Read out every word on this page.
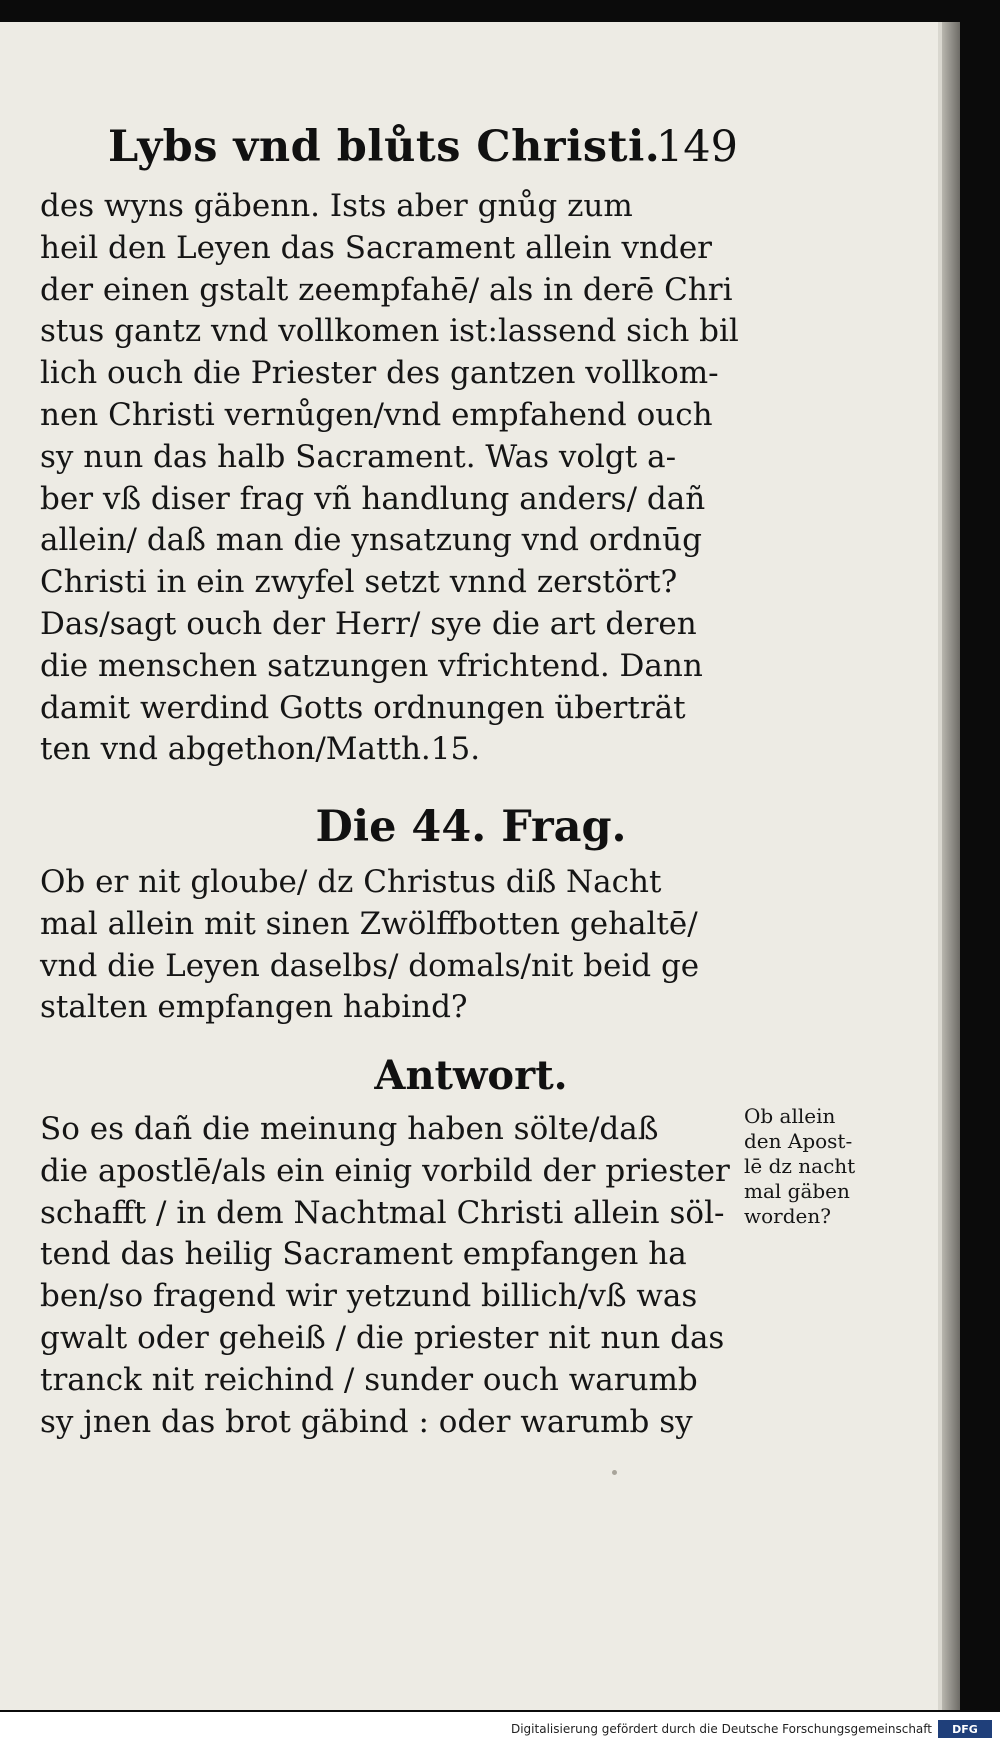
Lybs vnd blůts Christi.
149
des wyns gäbenn. Ists aber gnůg zum
heil den Leyen das Sacrament allein vnder
der einen gstalt zeempfahē/ als in derē Chri
stus gantz vnd vollkomen ist:lassend sich bil
lich ouch die Priester des gantzen vollkom-
nen Christi vernůgen/vnd empfahend ouch
sy nun das halb Sacrament. Was volgt a-
ber vß diser frag vñ handlung anders/ dañ
allein/ daß man die ynsatzung vnd ordnūg
Christi in ein zwyfel setzt vnnd zerstört?
Das/sagt ouch der Herr/ sye die art deren
die menschen satzungen vfrichtend. Dann
damit werdind Gotts ordnungen überträt
ten vnd abgethon/Matth.15.
Die 44. Frag.
Ob er nit gloube/ dz Christus diß Nacht
mal allein mit sinen Zwölffbotten gehaltē/
vnd die Leyen daselbs/ domals/nit beid ge
stalten empfangen habind?
Antwort.
So es dañ die meinung haben sölte/daß
die apostlē/als ein einig vorbild der priester
schafft / in dem Nachtmal Christi allein söl-
tend das heilig Sacrament empfangen ha
ben/so fragend wir yetzund billich/vß was
gwalt oder geheiß / die priester nit nun das
tranck nit reichind / sunder ouch warumb
sy jnen das brot gäbind : oder warumb sy
Ob allein
den Apost-
lē dz nacht
mal gäben
worden?
Digitalisierung gefördert durch die Deutsche Forschungsgemeinschaft	DFG
